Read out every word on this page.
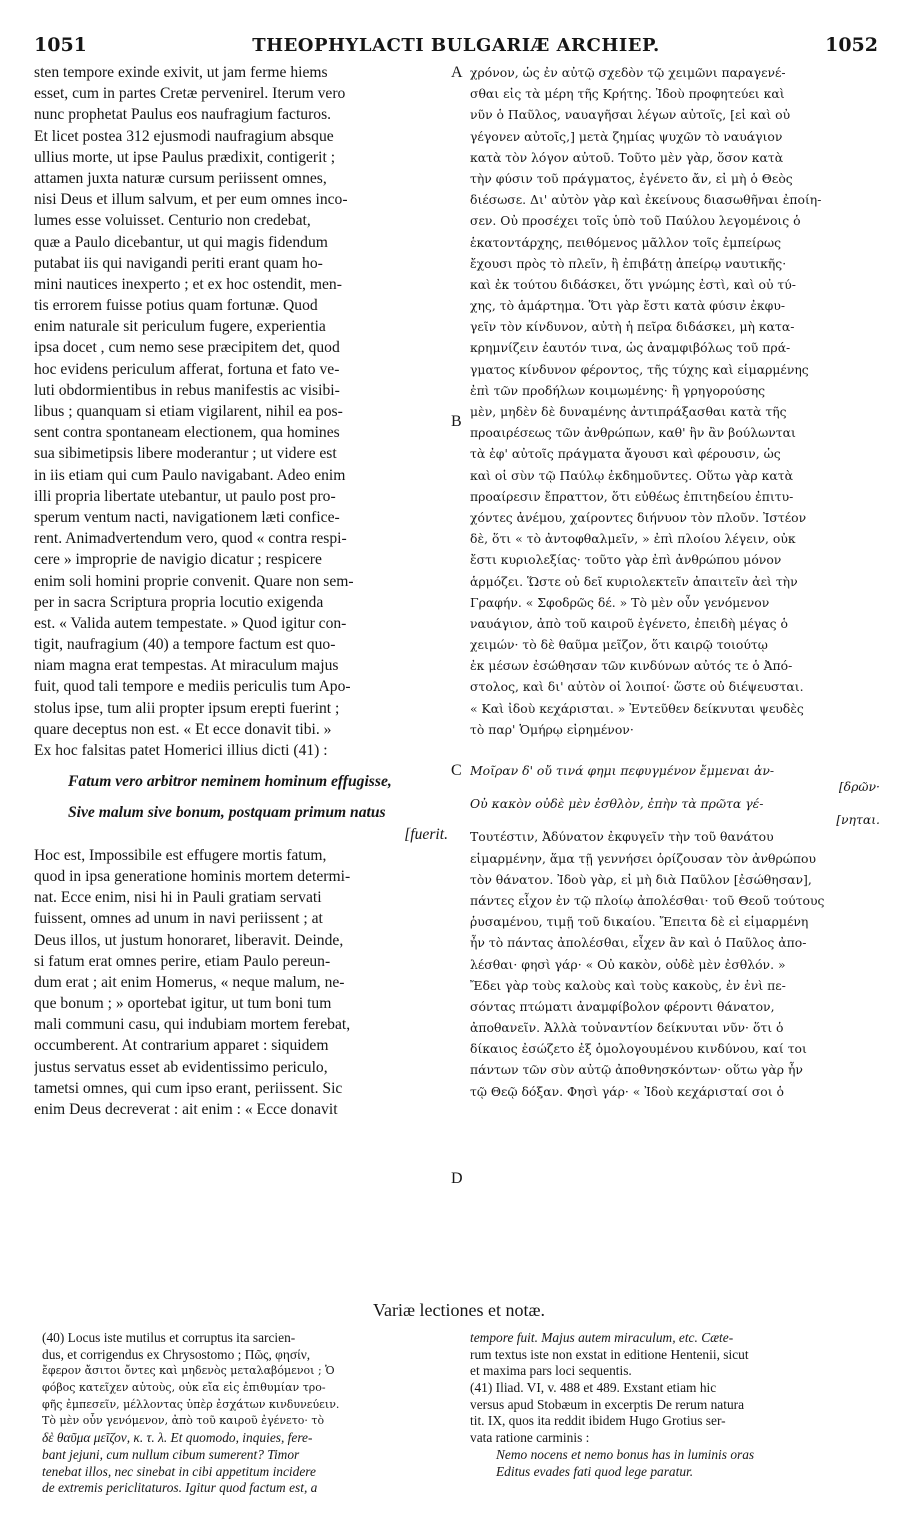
1051	THEOPHYLACTI BULGARIÆ ARCHIEP.	1052
A
B
C
D
sten tempore exinde exivit, ut jam ferme hiems
esset, cum in partes Cretæ pervenirel. Iterum vero
nunc prophetat Paulus eos naufragium facturos.
Et licet postea 312 ejusmodi naufragium absque
ullius morte, ut ipse Paulus prædixit, contigerit ;
attamen juxta naturæ cursum periissent omnes,
nisi Deus et illum salvum, et per eum omnes inco-
lumes esse voluisset. Centurio non credebat,
quæ a Paulo dicebantur, ut qui magis fidendum
putabat iis qui navigandi periti erant quam ho-
mini nautices inexperto ; et ex hoc ostendit, men-
tis errorem fuisse potius quam fortunæ. Quod
enim naturale sit periculum fugere, experientia
ipsa docet , cum nemo sese præcipitem det, quod
hoc evidens periculum afferat, fortuna et fato ve-
luti obdormientibus in rebus manifestis ac visibi-
libus ; quanquam si etiam vigilarent, nihil ea pos-
sent contra spontaneam electionem, qua homines
sua sibimetipsis libere moderantur ; ut videre est
in iis etiam qui cum Paulo navigabant. Adeo enim
illi propria libertate utebantur, ut paulo post pro-
sperum ventum nacti, navigationem læti confice-
rent. Animadvertendum vero, quod « contra respi-
cere » improprie de navigio dicatur ; respicere
enim soli homini proprie convenit. Quare non sem-
per in sacra Scriptura propria locutio exigenda
est. « Valida autem tempestate. » Quod igitur con-
tigit, naufragium (40) a tempore factum est quo-
niam magna erat tempestas. At miraculum majus
fuit, quod tali tempore e mediis periculis tum Apo-
stolus ipse, tum alii propter ipsum erepti fuerint ;
quare deceptus non est. « Et ecce donavit tibi. »
Ex hoc falsitas patet Homerici illius dicti (41) :
Fatum vero arbitror neminem hominum effugisse,
Sive malum sive bonum, postquam primum natus
[fuerit.
Hoc est, Impossibile est effugere mortis fatum,
quod in ipsa generatione hominis mortem determi-
nat. Ecce enim, nisi hi in Pauli gratiam servati
fuissent, omnes ad unum in navi periissent ; at
Deus illos, ut justum honoraret, liberavit. Deinde,
si fatum erat omnes perire, etiam Paulo pereun-
dum erat ; ait enim Homerus, « neque malum, ne-
que bonum ; » oportebat igitur, ut tum boni tum
mali communi casu, qui indubiam mortem ferebat,
occumberent. At contrarium apparet : siquidem
justus servatus esset ab evidentissimo periculo,
tametsi omnes, qui cum ipso erant, periissent. Sic
enim Deus decreverat : ait enim : « Ecce donavit
χρόνον, ὡς ἐν αὐτῷ σχεδὸν τῷ χειμῶνι παραγενέ-
σθαι εἰς τὰ μέρη τῆς Κρήτης. Ἰδοὺ προφητεύει καὶ
νῦν ὁ Παῦλος, ναυαγῆσαι λέγων αὐτοῖς, [εἰ καὶ οὐ
γέγονεν αὐτοῖς,] μετὰ ζημίας ψυχῶν τὸ ναυάγιον
κατὰ τὸν λόγον αὐτοῦ. Τοῦτο μὲν γὰρ, ὅσον κατὰ
τὴν φύσιν τοῦ πράγματος, ἐγένετο ἄν, εἰ μὴ ὁ Θεὸς
διέσωσε. Δι' αὐτὸν γὰρ καὶ ἐκείνους διασωθῆναι ἐποίη-
σεν. Οὐ προσέχει τοῖς ὑπὸ τοῦ Παύλου λεγομένοις ὁ
ἑκατοντάρχης, πειθόμενος μᾶλλον τοῖς ἐμπείρως
ἔχουσι πρὸς τὸ πλεῖν, ἢ ἐπιβάτῃ ἀπείρῳ ναυτικῆς·
καὶ ἐκ τούτου διδάσκει, ὅτι γνώμης ἐστὶ, καὶ οὐ τύ-
χης, τὸ ἁμάρτημα. Ὅτι γὰρ ἔστι κατὰ φύσιν ἐκφυ-
γεῖν τὸν κίνδυνον, αὐτὴ ἡ πεῖρα διδάσκει, μὴ κατα-
κρημνίζειν ἑαυτόν τινα, ὡς ἀναμφιβόλως τοῦ πρά-
γματος κίνδυνον φέροντος, τῆς τύχης καὶ εἱμαρμένης
ἐπὶ τῶν προδήλων κοιμωμένης· ἢ γρηγορούσης
μὲν, μηδὲν δὲ δυναμένης ἀντιπράξασθαι κατὰ τῆς
προαιρέσεως τῶν ἀνθρώπων, καθ' ἣν ἂν βούλωνται
τὰ ἐφ' αὐτοῖς πράγματα ἄγουσι καὶ φέρουσιν, ὡς
καὶ οἱ σὺν τῷ Παύλῳ ἐκδημοῦντες. Οὕτω γὰρ κατὰ
προαίρεσιν ἔπραττον, ὅτι εὐθέως ἐπιτηδείου ἐπιτυ-
χόντες ἀνέμου, χαίροντες διήνυον τὸν πλοῦν. Ἰστέον
δὲ, ὅτι « τὸ ἀντοφθαλμεῖν, » ἐπὶ πλοίου λέγειν, οὐκ
ἔστι κυριολεξίας· τοῦτο γὰρ ἐπὶ ἀνθρώπου μόνον
ἁρμόζει. Ὥστε οὐ δεῖ κυριολεκτεῖν ἀπαιτεῖν ἀεὶ τὴν
Γραφήν. « Σφοδρῶς δέ. » Τὸ μὲν οὖν γενόμενον
ναυάγιον, ἀπὸ τοῦ καιροῦ ἐγένετο, ἐπειδὴ μέγας ὁ
χειμών· τὸ δὲ θαῦμα μεῖζον, ὅτι καιρῷ τοιούτῳ
ἐκ μέσων ἐσώθησαν τῶν κινδύνων αὐτός τε ὁ Ἀπό-
στολος, καὶ δι' αὐτὸν οἱ λοιποί· ὥστε οὐ διέψευσται.
« Καὶ ἰδοὺ κεχάρισται. » Ἐντεῦθεν δείκνυται ψευδὲς
τὸ παρ' Ὁμήρῳ εἰρημένον·
Μοῖραν δ' οὔ τινά φημι πεφυγμένον ἔμμεναι ἀν-
[δρῶν·
Οὐ κακὸν οὐδὲ μὲν ἐσθλὸν, ἐπὴν τὰ πρῶτα γέ-
[νηται.
Τουτέστιν, Ἀδύνατον ἐκφυγεῖν τὴν τοῦ θανάτου
εἱμαρμένην, ἅμα τῇ γεννήσει ὁρίζουσαν τὸν ἀνθρώπου
τὸν θάνατον. Ἰδοὺ γὰρ, εἰ μὴ διὰ Παῦλον [ἐσώθησαν],
πάντες εἶχον ἐν τῷ πλοίῳ ἀπολέσθαι· τοῦ Θεοῦ τούτους
ῥυσαμένου, τιμῇ τοῦ δικαίου. Ἔπειτα δὲ εἰ εἱμαρμένη
ἦν τὸ πάντας ἀπολέσθαι, εἶχεν ἂν καὶ ὁ Παῦλος ἀπο-
λέσθαι· φησὶ γάρ· « Οὐ κακὸν, οὐδὲ μὲν ἐσθλόν. »
Ἔδει γὰρ τοὺς καλοὺς καὶ τοὺς κακοὺς, ἐν ἑνὶ πε-
σόντας πτώματι ἀναμφίβολον φέροντι θάνατον,
ἀποθανεῖν. Ἀλλὰ τοὐναντίον δείκνυται νῦν· ὅτι ὁ
δίκαιος ἐσώζετο ἐξ ὁμολογουμένου κινδύνου, καί τοι
πάντων τῶν σὺν αὐτῷ ἀποθνησκόντων· οὕτω γὰρ ἦν
τῷ Θεῷ δόξαν. Φησὶ γάρ· « Ἰδοὺ κεχάρισταί σοι ὁ
Variæ lectiones et notæ.
(40) Locus iste mutilus et corruptus ita sarcien-
dus, et corrigendus ex Chrysostomo ; Πῶς, φησίν,
ἔφερον ἄσιτοι ὄντες καὶ μηδενὸς μεταλαβόμενοι ; Ὁ
φόβος κατεῖχεν αὐτοὺς, οὐκ εἴα εἰς ἐπιθυμίαν τρο-
φῆς ἐμπεσεῖν, μέλλοντας ὑπὲρ ἐσχάτων κινδυνεύειν.
Τὸ μὲν οὖν γενόμενον, ἀπὸ τοῦ καιροῦ ἐγένετο· τὸ
δὲ θαῦμα μεῖζον, κ. τ. λ. Et quomodo, inquies, fere-
bant jejuni, cum nullum cibum sumerent? Timor
tenebat illos, nec sinebat in cibi appetitum incidere
de extremis periclitaturos. Igitur quod factum est, a
tempore fuit. Majus autem miraculum, etc. Cæte-
rum textus iste non exstat in editione Hentenii, sicut
et maxima pars loci sequentis.
(41) Iliad. VI, v. 488 et 489. Exstant etiam hic
versus apud Stobæum in excerptis De rerum natura
tit. IX, quos ita reddit ibidem Hugo Grotius ser-
vata ratione carminis :
Nemo nocens et nemo bonus has in luminis oras
Editus evades fati quod lege paratur.
